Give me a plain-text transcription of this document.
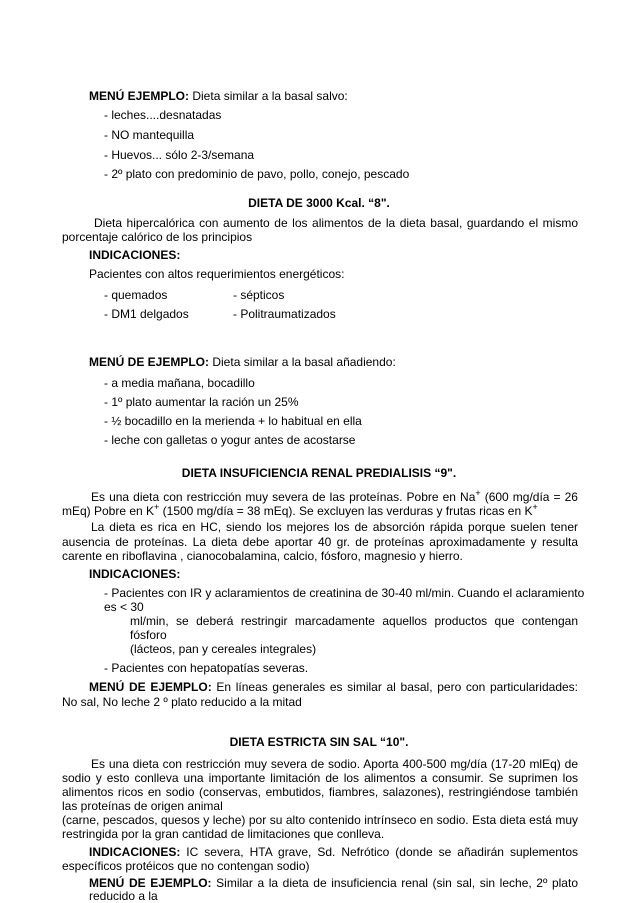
MENÚ EJEMPLO: Dieta similar a la basal salvo:
- leches....desnatadas
- NO mantequilla
- Huevos... sólo 2-3/semana
- 2º plato con predominio de pavo, pollo, conejo, pescado
DIETA DE 3000 Kcal. “8".
Dieta hipercalórica con aumento de los alimentos de la dieta basal, guardando el mismo
porcentaje calórico de los principios
INDICACIONES:
Pacientes con altos requerimientos energéticos:
- quemados	- sépticos
- DM1 delgados	- Politraumatizados
MENÚ DE EJEMPLO: Dieta similar a la basal añadiendo:
- a media mañana, bocadillo
- 1º plato aumentar la ración un 25%
- ½ bocadillo en la merienda + lo habitual en ella
- leche con galletas o yogur antes de acostarse
DIETA INSUFICIENCIA RENAL PREDIALISIS “9".
Es una dieta con restricción muy severa de las proteínas. Pobre en Na+ (600 mg/día = 26
mEq) Pobre en K+ (1500 mg/día = 38 mEq). Se excluyen las verduras y frutas ricas en K+
La dieta es rica en HC, siendo los mejores los de absorción rápida porque suelen tener
ausencia de proteínas. La dieta debe aportar 40 gr. de proteínas aproximadamente y resulta
carente en riboflavina , cianocobalamina, calcio, fósforo, magnesio y hierro.
INDICACIONES:
- Pacientes con IR y aclaramientos de creatinina de 30-40 ml/min. Cuando el aclaramiento
es < 30
ml/min, se deberá restringir marcadamente aquellos productos que contengan
fósforo
(lácteos, pan y cereales integrales)
- Pacientes con hepatopatías severas.
MENÚ DE EJEMPLO: En líneas generales es similar al basal, pero con particularidades:
No sal, No leche 2 º plato reducido a la mitad
DIETA ESTRICTA SIN SAL “10".
Es una dieta con restricción muy severa de sodio. Aporta 400-500 mg/día (17-20 mlEq) de
sodio y esto conlleva una importante limitación de los alimentos a consumir. Se suprimen los
alimentos ricos en sodio (conservas, embutidos, fiambres, salazones), restringiéndose también
las proteínas de origen animal
(carne, pescados, quesos y leche) por su alto contenido intrínseco en sodio. Esta dieta está muy
restringida por la gran cantidad de limitaciones que conlleva.
INDICACIONES: IC severa, HTA grave, Sd. Nefrótico (donde se añadirán suplementos
específicos protéicos que no contengan sodio)
MENÚ DE EJEMPLO: Similar a la dieta de insuficiencia renal (sin sal, sin leche, 2º plato
reducido a la
